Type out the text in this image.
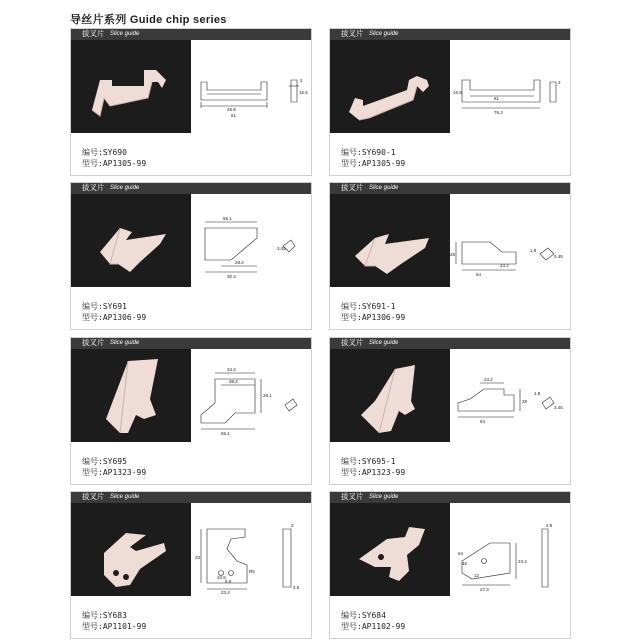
导丝片系列 Guide chip series
拔叉片 Slice guide
45.8
61
15.5
2
编号:SY690
型号:AP1305-99
拔叉片 Slice guide
61
76.3
16.8
2
编号:SY690-1
型号:AP1305-99
拔叉片 Slice guide
55.1
28.2
30.3
3.45
编号:SY691
型号:AP1306-99
拔叉片 Slice guide
64
23.2
28
1.8
3.45
编号:SY691-1
型号:AP1306-99
拔叉片 Slice guide
34.2
38.2
28.1
55.1
编号:SY695
型号:AP1323-99
拔叉片 Slice guide
23.2
64
28
1.8
3.45
编号:SY695-1
型号:AP1323-99
拔叉片 Slice guide
33
10.5
5.6
23.4
R5
3
3.5
编号:SY683
型号:AP1101-99
拔叉片 Slice guide
64
46
12
23.2
27.3
2.5
编号:SY684
型号:AP1102-99
